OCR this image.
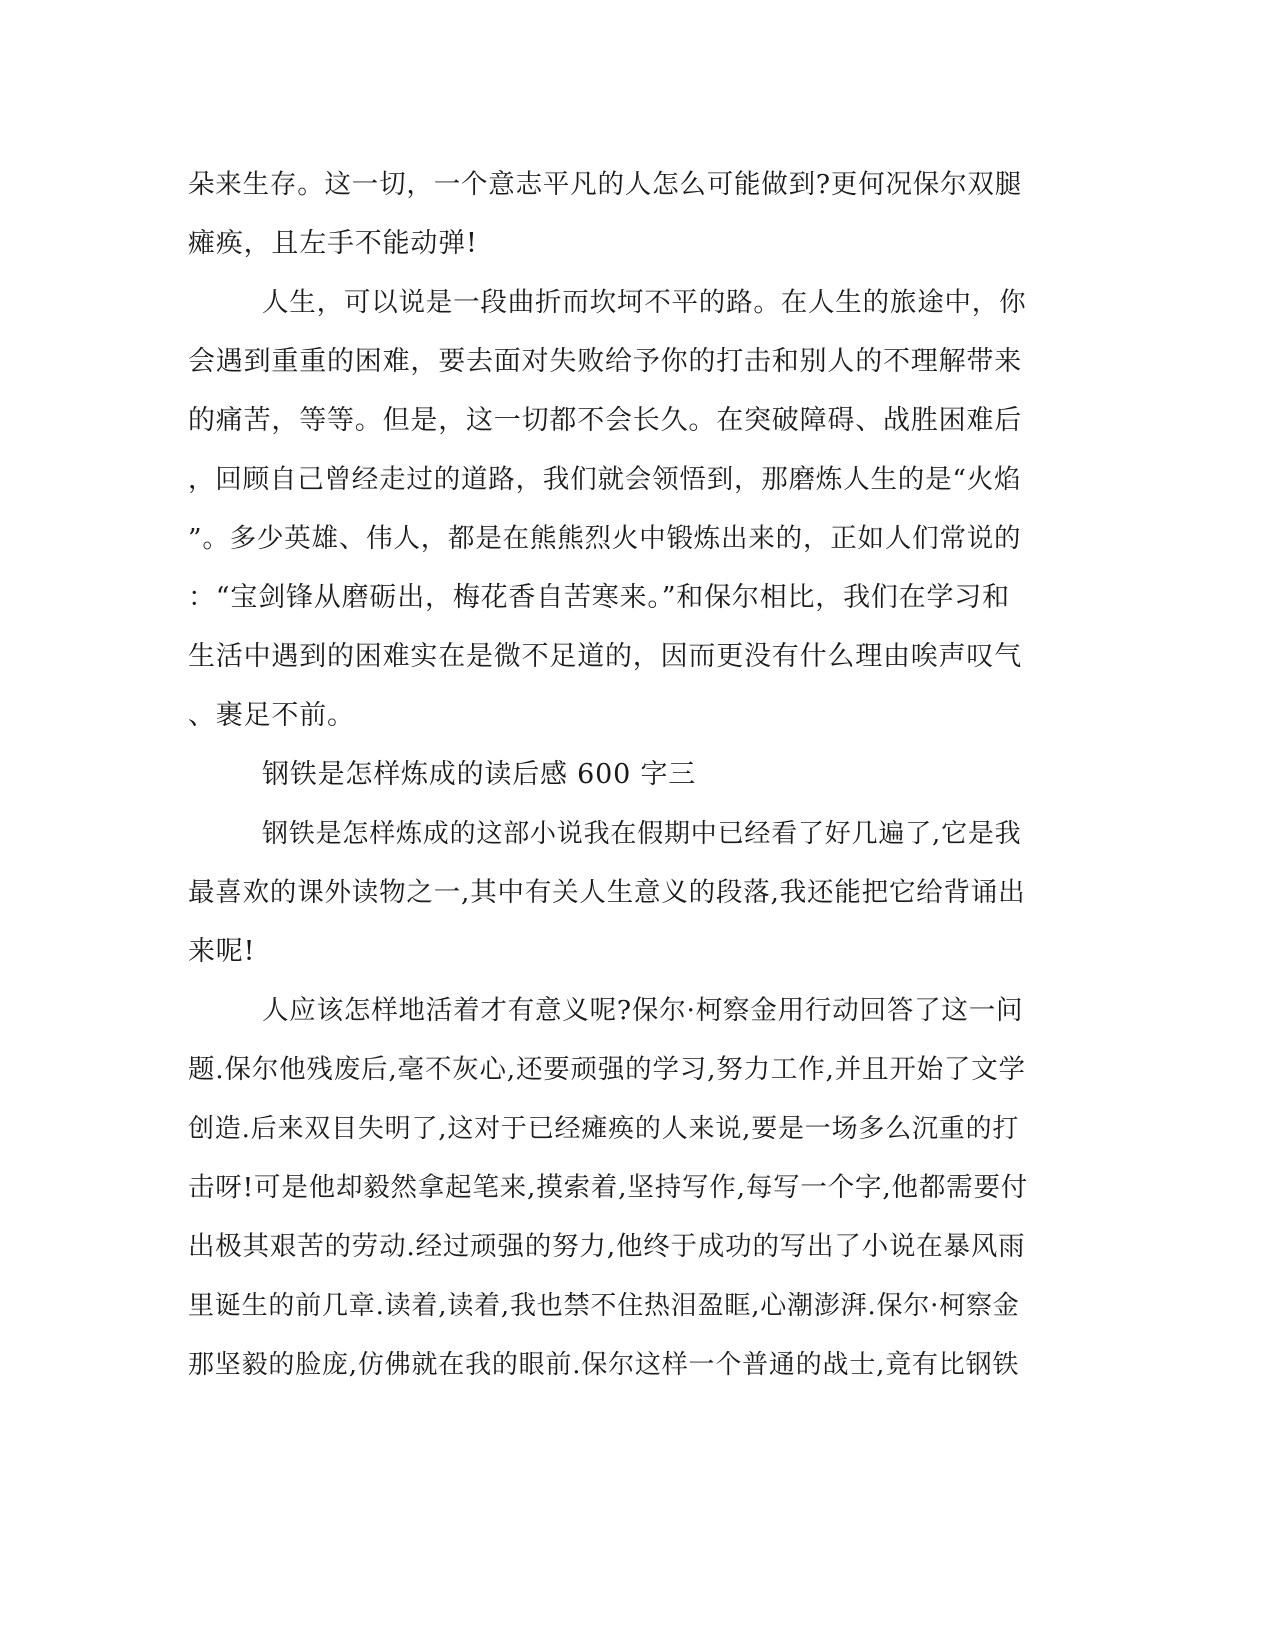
朵来生存。这一切，一个意志平凡的人怎么可能做到?更何况保尔双腿

瘫痪，且左手不能动弹!

人生，可以说是一段曲折而坎坷不平的路。在人生的旅途中，你

会遇到重重的困难，要去面对失败给予你的打击和别人的不理解带来

的痛苦，等等。但是，这一切都不会长久。在突破障碍、战胜困难后

，回顾自己曾经走过的道路，我们就会领悟到，那磨炼人生的是“火焰

”。多少英雄、伟人，都是在熊熊烈火中锻炼出来的，正如人们常说的

：“宝剑锋从磨砺出，梅花香自苦寒来。”和保尔相比，我们在学习和

生活中遇到的困难实在是微不足道的，因而更没有什么理由唉声叹气

、裹足不前。

钢铁是怎样炼成的读后感 600 字三

钢铁是怎样炼成的这部小说我在假期中已经看了好几遍了,它是我

最喜欢的课外读物之一,其中有关人生意义的段落,我还能把它给背诵出

来呢!

人应该怎样地活着才有意义呢?保尔·柯察金用行动回答了这一问

题.保尔他残废后,毫不灰心,还要顽强的学习,努力工作,并且开始了文学

创造.后来双目失明了,这对于已经瘫痪的人来说,要是一场多么沉重的打

击呀!可是他却毅然拿起笔来,摸索着,坚持写作,每写一个字,他都需要付

出极其艰苦的劳动.经过顽强的努力,他终于成功的写出了小说在暴风雨

里诞生的前几章.读着,读着,我也禁不住热泪盈眶,心潮澎湃.保尔·柯察金

那坚毅的脸庞,仿佛就在我的眼前.保尔这样一个普通的战士,竟有比钢铁
